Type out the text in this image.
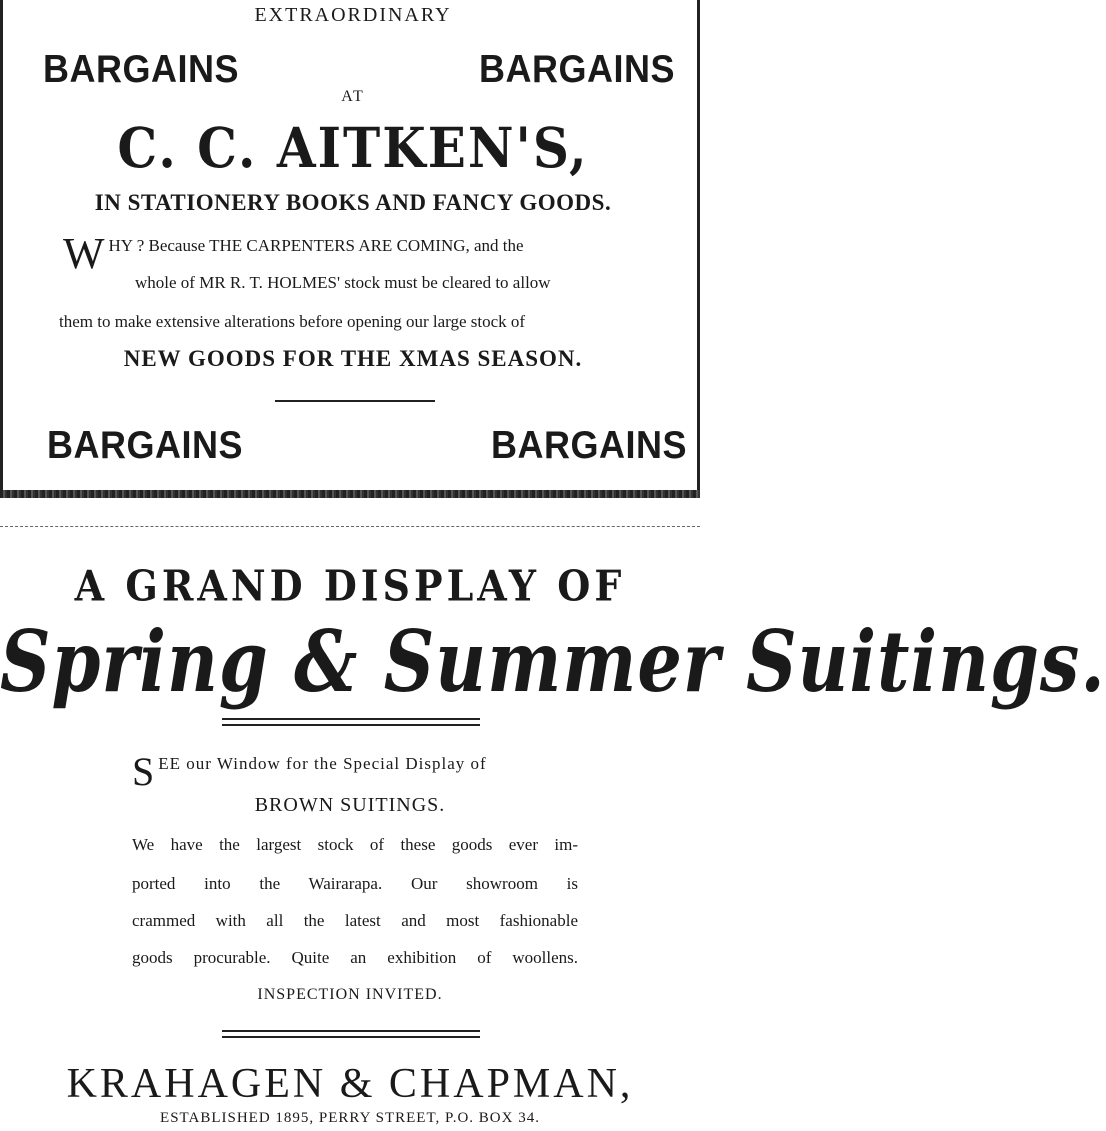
EXTRAORDINARY
BARGAINS	BARGAINS
AT
C. C. AITKEN'S,
IN STATIONERY BOOKS AND FANCY GOODS.
W HY ? Because THE CARPENTERS ARE COMING, and the
whole of MR R. T. HOLMES' stock must be cleared to allow
them to make extensive alterations before opening our large stock of
NEW GOODS FOR THE XMAS SEASON.
BARGAINS	BARGAINS
A GRAND DISPLAY OF
Spring & Summer Suitings.
S EE our Window for the Special Display of
BROWN SUITINGS.
We have the largest stock of these goods ever im-
ported into the Wairarapa. Our showroom is
crammed with all the latest and most fashionable
goods procurable. Quite an exhibition of woollens.
INSPECTION INVITED.
KRAHAGEN & CHAPMAN,
ESTABLISHED 1895, PERRY STREET, P.O. BOX 34.
